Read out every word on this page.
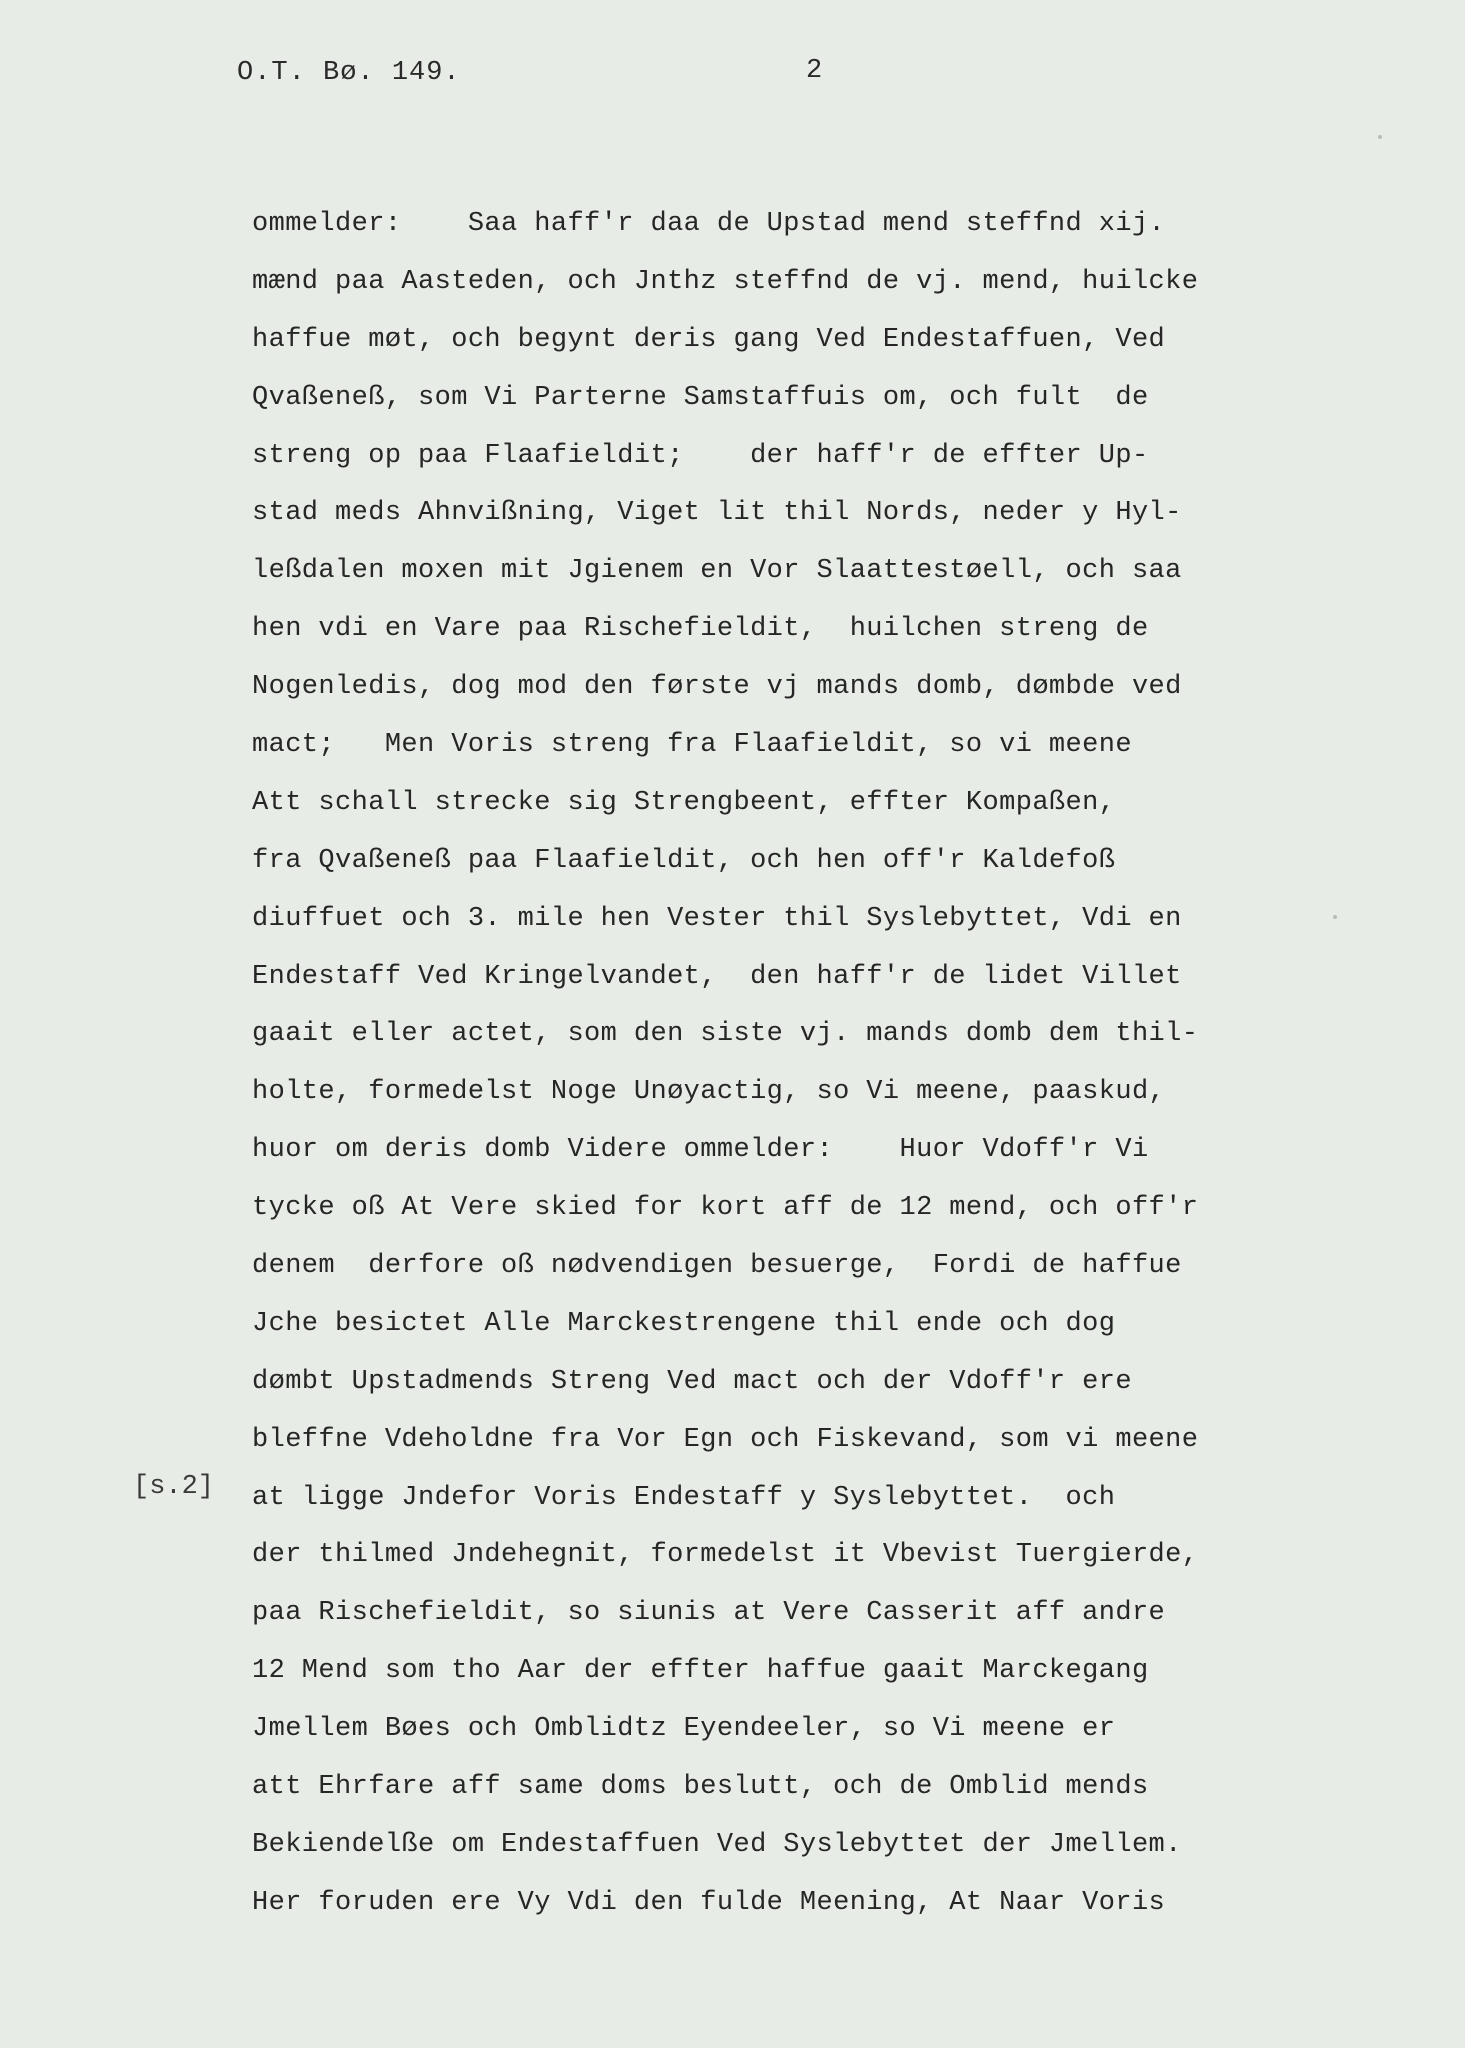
O.T. Bø. 149.	2
[s.2]
ommelder:    Saa haff'r daa de Upstad mend steffnd xij.
mænd paa Aasteden, och Jnthz steffnd de vj. mend, huilcke
haffue møt, och begynt deris gang Ved Endestaffuen, Ved
Qvaßeneß, som Vi Parterne Samstaffuis om, och fult  de
streng op paa Flaafieldit;    der haff'r de effter Up-
stad meds Ahnvißning, Viget lit thil Nords, neder y Hyl-
leßdalen moxen mit Jgienem en Vor Slaattestøell, och saa
hen vdi en Vare paa Rischefieldit,  huilchen streng de
Nogenledis, dog mod den første vj mands domb, dømbde ved
mact;   Men Voris streng fra Flaafieldit, so vi meene
Att schall strecke sig Strengbeent, effter Kompaßen,
fra Qvaßeneß paa Flaafieldit, och hen off'r Kaldefoß
diuffuet och 3. mile hen Vester thil Syslebyttet, Vdi en
Endestaff Ved Kringelvandet,  den haff'r de lidet Villet
gaait eller actet, som den siste vj. mands domb dem thil-
holte, formedelst Noge Unøyactig, so Vi meene, paaskud,
huor om deris domb Videre ommelder:    Huor Vdoff'r Vi
tycke oß At Vere skied for kort aff de 12 mend, och off'r
denem  derfore oß nødvendigen besuerge,  Fordi de haffue
Jche besictet Alle Marckestrengene thil ende och dog
dømbt Upstadmends Streng Ved mact och der Vdoff'r ere
bleffne Vdeholdne fra Vor Egn och Fiskevand, som vi meene
at ligge Jndefor Voris Endestaff y Syslebyttet.  och
der thilmed Jndehegnit, formedelst it Vbevist Tuergierde,
paa Rischefieldit, so siunis at Vere Casserit aff andre
12 Mend som tho Aar der effter haffue gaait Marckegang
Jmellem Bøes och Omblidtz Eyendeeler, so Vi meene er
att Ehrfare aff same doms beslutt, och de Omblid mends
Bekiendelße om Endestaffuen Ved Syslebyttet der Jmellem.
Her foruden ere Vy Vdi den fulde Meening, At Naar Voris
